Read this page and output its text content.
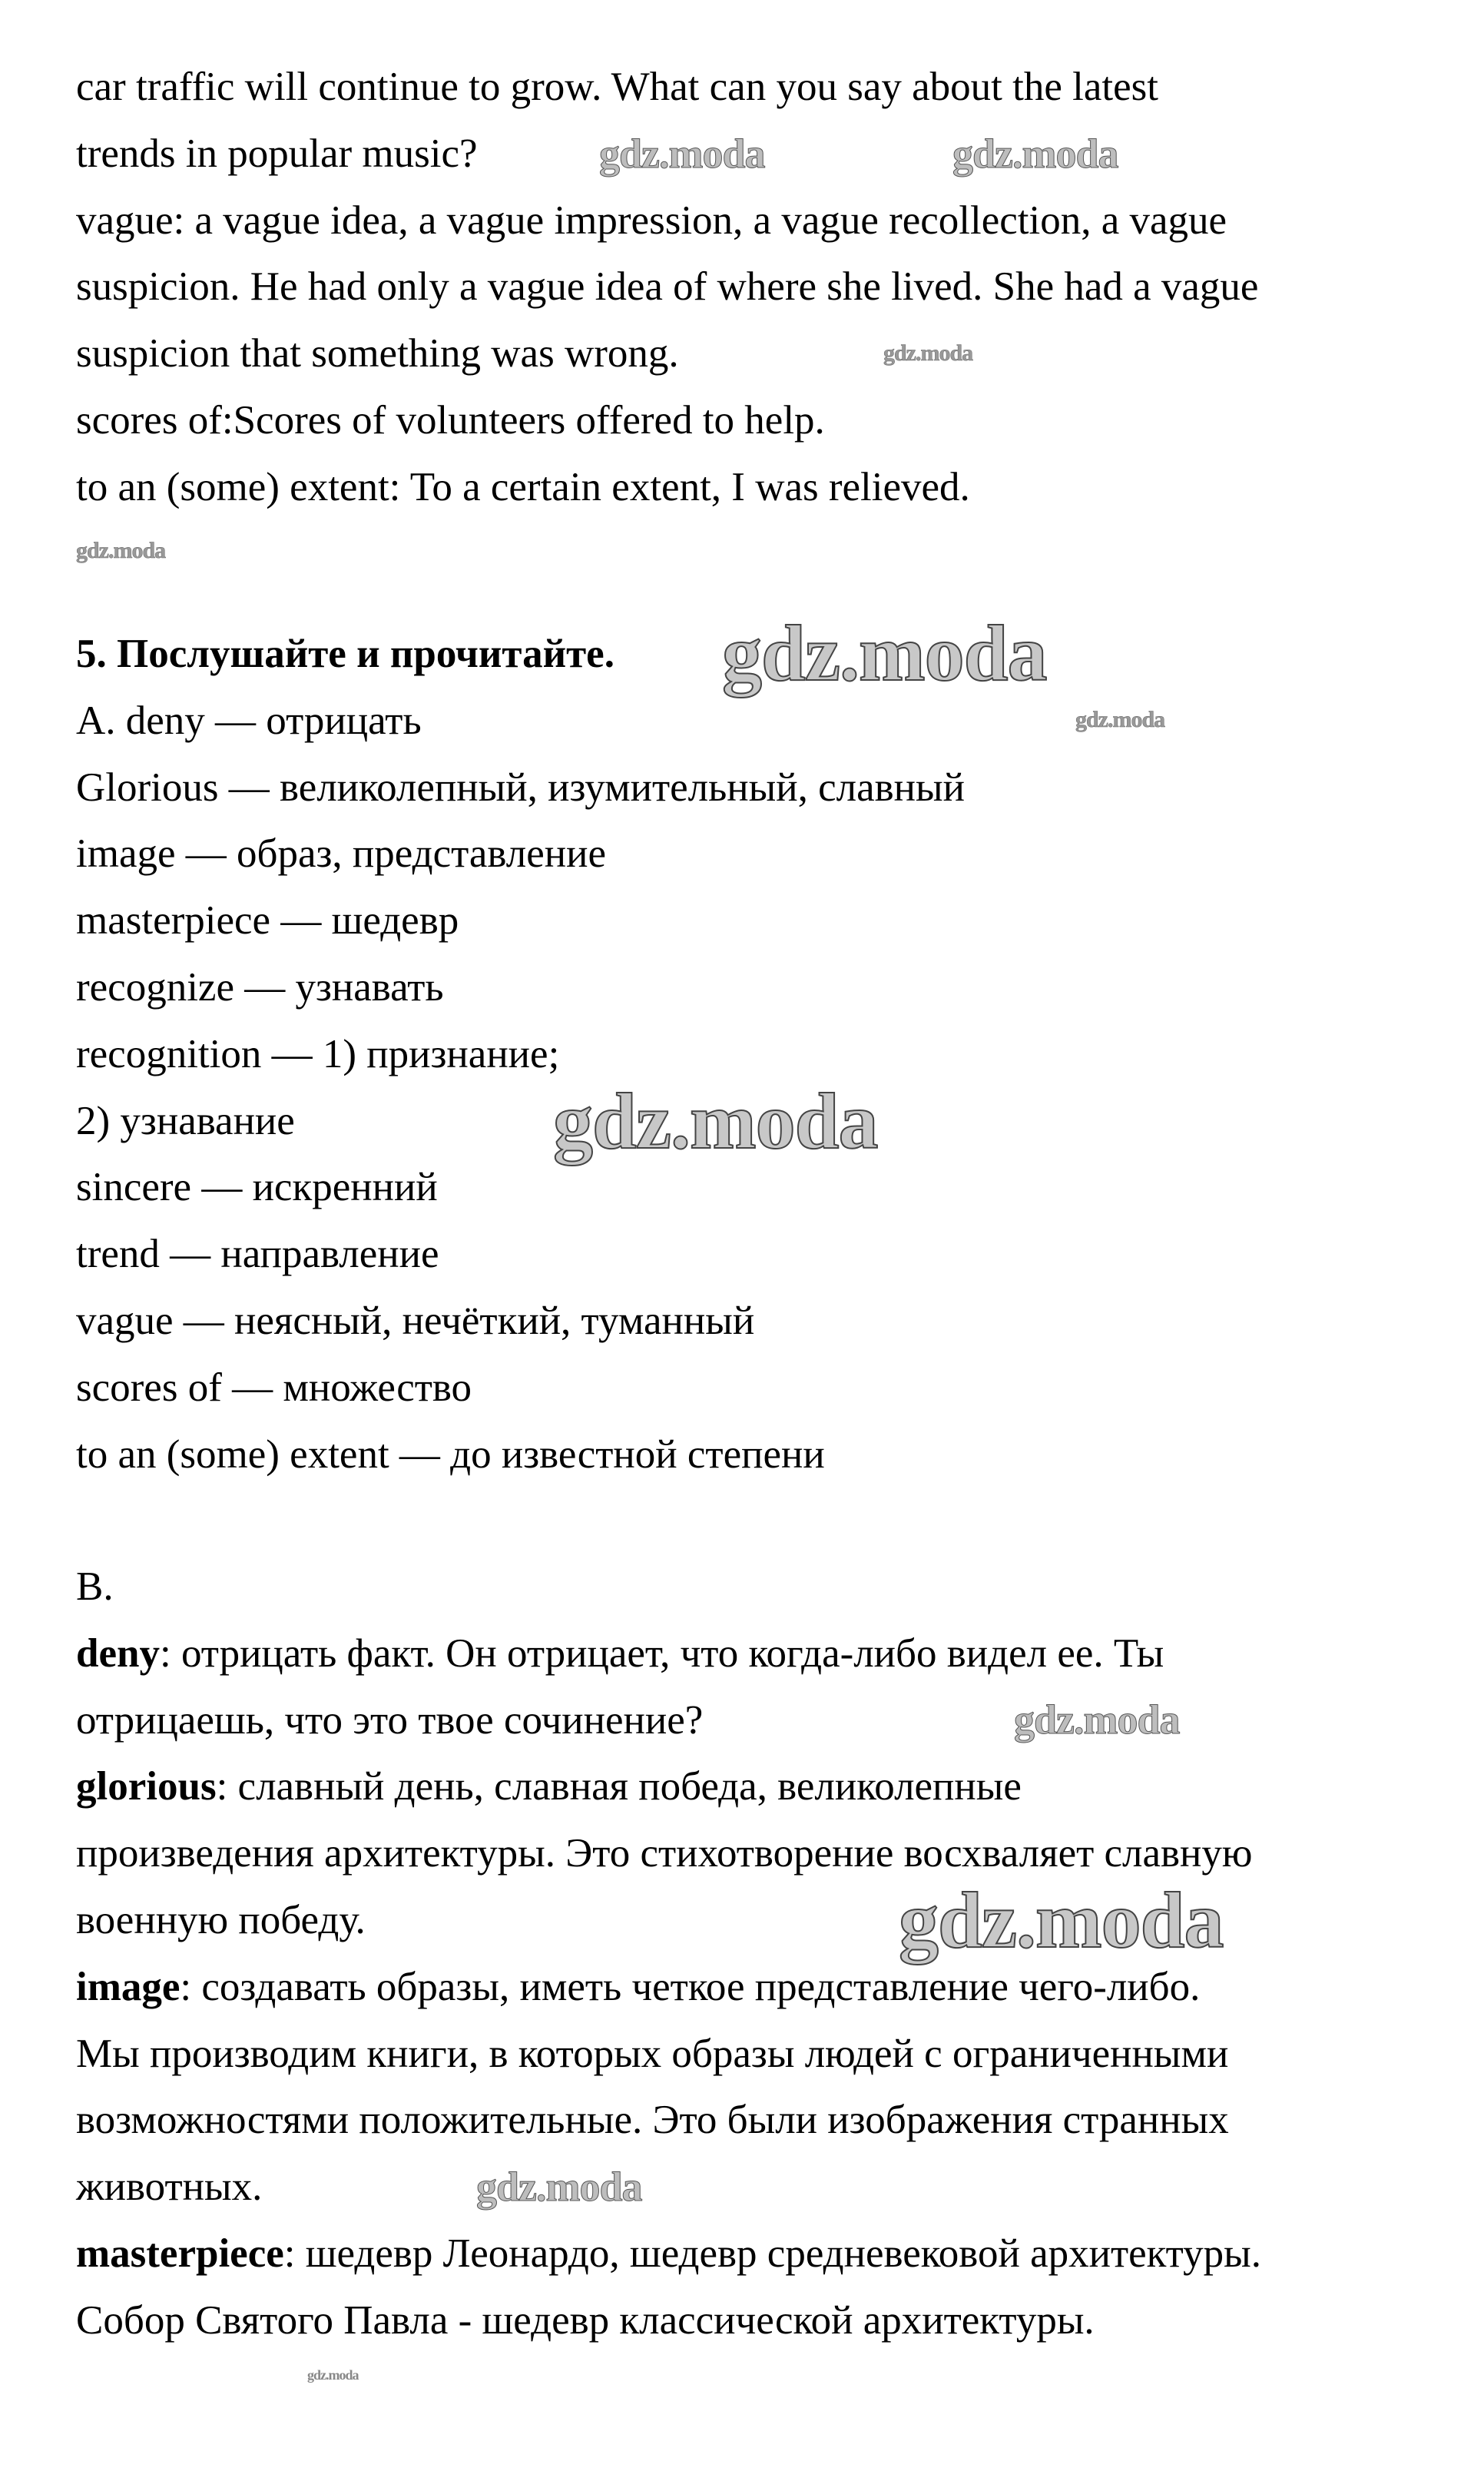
car traffic will continue to grow. What can you say about the latest
trends in popular music?
vague: a vague idea, a vague impression, a vague recollection, a vague
suspicion. He had only a vague idea of where she lived. She had a vague
suspicion that something was wrong.
scores of:Scores of volunteers offered to help.
to an (some) extent: To a certain extent, I was relieved.
5. Послушайте и прочитайте.
A. deny — отрицать
Glorious — великолепный, изумительный, славный
image — образ, представление
masterpiece — шедевр
recognize — узнавать
recognition — 1) признание;
2) узнавание
sincere — искренний
trend — направление
vague — неясный, нечёткий, туманный
scores of — множество
to an (some) extent — до известной степени
B.
deny: отрицать факт. Он отрицает, что когда-либо видел ее. Ты
отрицаешь, что это твое сочинение?
glorious: славный день, славная победа, великолепные
произведения архитектуры. Это стихотворение восхваляет славную
военную победу.
image: создавать образы, иметь четкое представление чего-либо.
Мы производим книги, в которых образы людей с ограниченными
возможностями положительные. Это были изображения странных
животных.
masterpiece: шедевр Леонардо, шедевр средневековой архитектуры.
Собор Святого Павла - шедевр классической архитектуры.
gdz.moda	gdz.moda
gdz.moda
gdz.moda
gdz.moda
gdz.moda
gdz.moda
gdz.moda
gdz.moda
gdz.moda
gdz.moda
